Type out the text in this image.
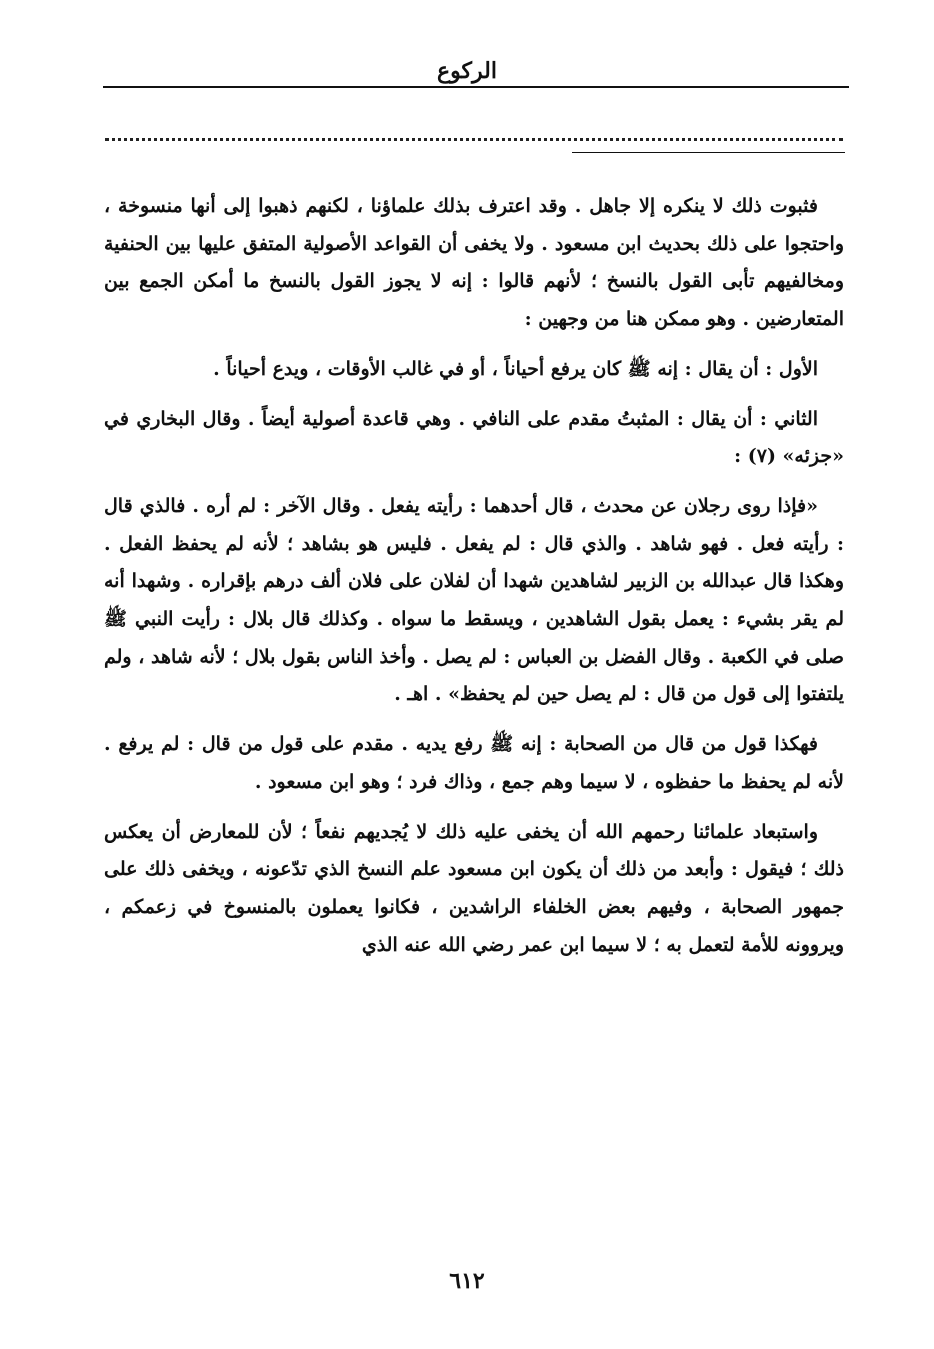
الركوع

فثبوت ذلك لا ينكره إلا جاهل . وقد اعترف بذلك علماؤنا ، لكنهم ذهبوا إلى أنها منسوخة ، واحتجوا على ذلك بحديث ابن مسعود . ولا يخفى أن القواعد الأصولية المتفق عليها بين الحنفية ومخالفيهم تأبى القول بالنسخ ؛ لأنهم قالوا : إنه لا يجوز القول بالنسخ ما أمكن الجمع بين المتعارضين . وهو ممكن هنا من وجهين :

الأول : أن يقال : إنه ﷺ كان يرفع أحياناً ، أو في غالب الأوقات ، ويدع أحياناً .

الثاني : أن يقال : المثبتُ مقدم على النافي . وهي قاعدة أصولية أيضاً . وقال البخاري في «جزئه» (٧) :

«فإذا روى رجلان عن محدث ، قال أحدهما : رأيته يفعل . وقال الآخر : لم أره . فالذي قال : رأيته فعل . فهو شاهد . والذي قال : لم يفعل . فليس هو بشاهد ؛ لأنه لم يحفظ الفعل . وهكذا قال عبدالله بن الزبير لشاهدين شهدا أن لفلان على فلان ألف درهم بإقراره . وشهدا أنه لم يقر بشيء : يعمل بقول الشاهدين ، ويسقط ما سواه . وكذلك قال بلال : رأيت النبي ﷺ صلى في الكعبة . وقال الفضل بن العباس : لم يصل . وأخذ الناس بقول بلال ؛ لأنه شاهد ، ولم يلتفتوا إلى قول من قال : لم يصل حين لم يحفظ» . اهـ .

فهكذا قول من قال من الصحابة : إنه ﷺ رفع يديه . مقدم على قول من قال : لم يرفع . لأنه لم يحفظ ما حفظوه ، لا سيما وهم جمع ، وذاك فرد ؛ وهو ابن مسعود .

واستبعاد علمائنا رحمهم الله أن يخفى عليه ذلك لا يُجديهم نفعاً ؛ لأن للمعارض أن يعكس ذلك ؛ فيقول : وأبعد من ذلك أن يكون ابن مسعود علم النسخ الذي تدّعونه ، ويخفى ذلك على جمهور الصحابة ، وفيهم بعض الخلفاء الراشدين ، فكانوا يعملون بالمنسوخ في زعمكم ، ويروونه للأمة لتعمل به ؛ لا سيما ابن عمر رضي الله عنه الذي

٦١٢
